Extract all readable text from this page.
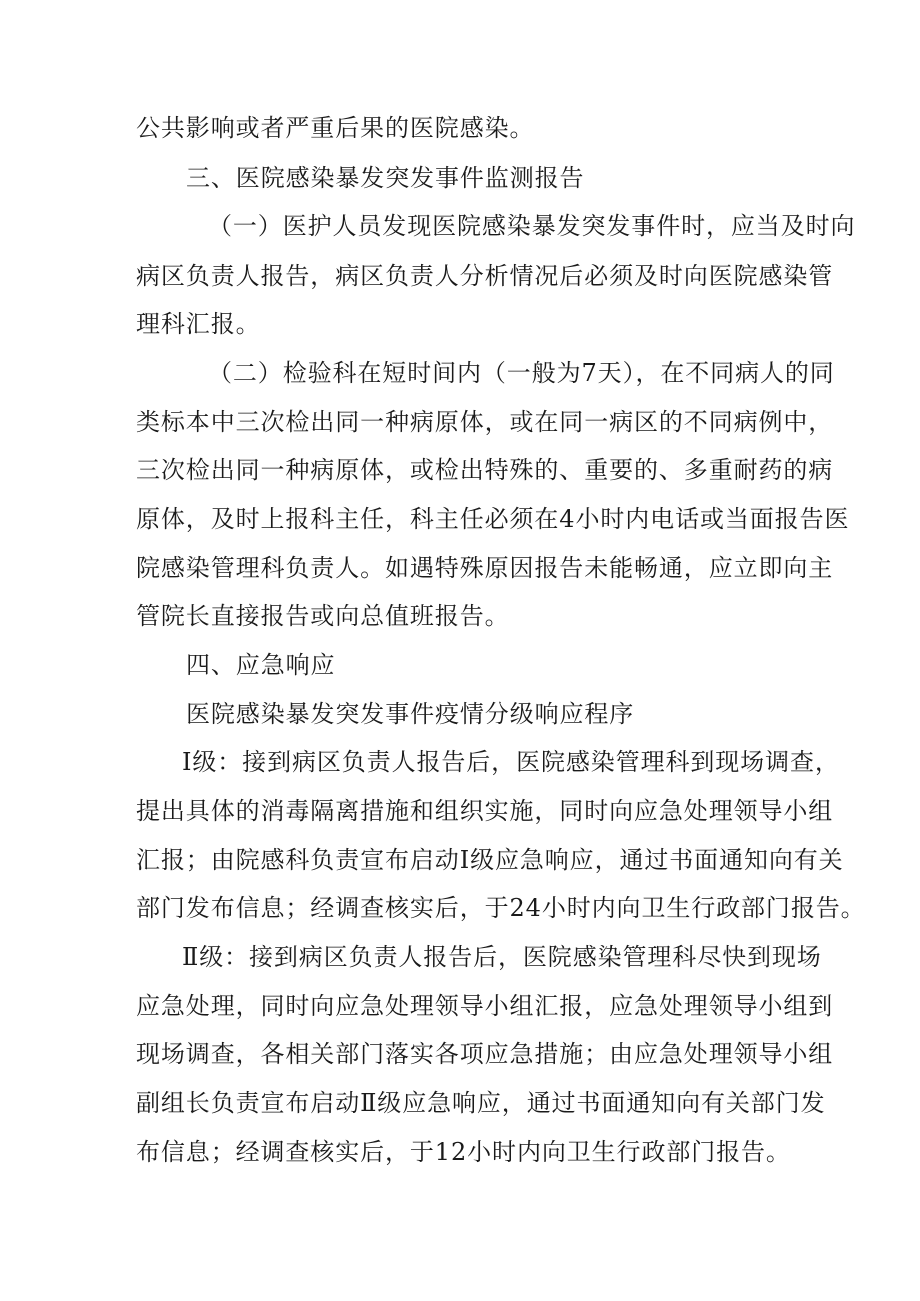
公共影响或者严重后果的医院感染。
三、医院感染暴发突发事件监测报告
（一）医护人员发现医院感染暴发突发事件时，应当及时向
病区负责人报告，病区负责人分析情况后必须及时向医院感染管
理科汇报。
（二）检验科在短时间内（一般为7天），在不同病人的同
类标本中三次检出同一种病原体，或在同一病区的不同病例中，
三次检出同一种病原体，或检出特殊的、重要的、多重耐药的病
原体，及时上报科主任，科主任必须在4小时内电话或当面报告医
院感染管理科负责人。如遇特殊原因报告未能畅通，应立即向主
管院长直接报告或向总值班报告。
四、应急响应
医院感染暴发突发事件疫情分级响应程序
Ⅰ级：接到病区负责人报告后，医院感染管理科到现场调查，
提出具体的消毒隔离措施和组织实施，同时向应急处理领导小组
汇报；由院感科负责宣布启动Ⅰ级应急响应，通过书面通知向有关
部门发布信息；经调查核实后，于24小时内向卫生行政部门报告。
Ⅱ级：接到病区负责人报告后，医院感染管理科尽快到现场
应急处理，同时向应急处理领导小组汇报，应急处理领导小组到
现场调查，各相关部门落实各项应急措施；由应急处理领导小组
副组长负责宣布启动Ⅱ级应急响应，通过书面通知向有关部门发
布信息；经调查核实后，于12小时内向卫生行政部门报告。
